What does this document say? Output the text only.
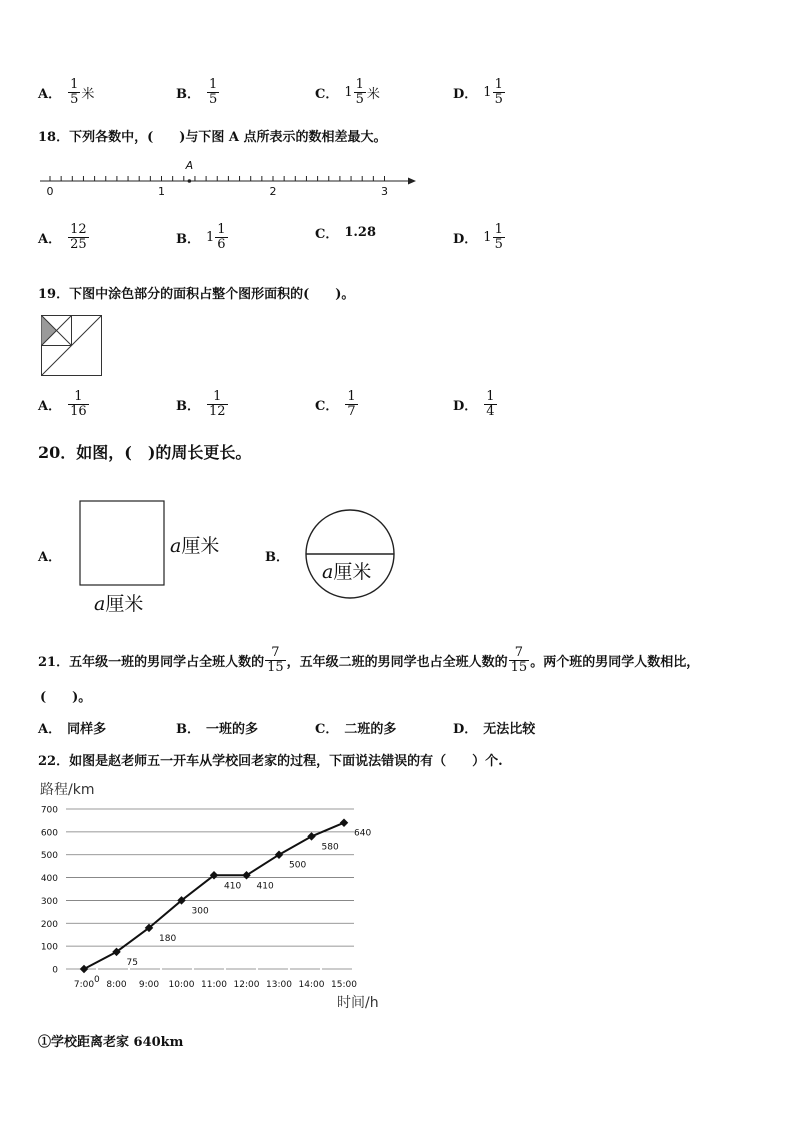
18．下列各数中，(　　)与下图 A 点所表示的数相差最大。
0	1	2	3
A
19．下图中涂色部分的面积占整个图形面积的(　　)。
20．如图，(　)的周长更长。
A．
a厘米
a厘米
B．
a厘米
21．五年级一班的男同学占全班人数的 $\frac{7}{15}$ ，五年级二班的男同学也占全班人数的 $\frac{7}{15}$ 。两个班的男同学人数相比，
(　　)。
22．如图是赵老师五一开车从学校回老家的过程，下面说法错误的有（　　）个.
路程/km
0
100
200
300
400
500
600
700
7:00 8:00 9:00 10:00 11:00 12:00 13:00 14:00 15:00
时间/h
0
75
180
300
410 410
500
580
640
①学校距离老家 640km
A． $\frac{1}{5}$ 米	B． $\frac{1}{5}$	C． $1 \frac{1}{5}$ 米	D． $1 \frac{1}{5}$
A． $\frac{12}{25}$	B． $1 \frac{1}{6}$	C． 1.28	D． $1 \frac{1}{5}$
A． $\frac{1}{16}$	B． $\frac{1}{12}$	C． $\frac{1}{7}$	D． $\frac{1}{4}$
A． 同样多	B． 一班的多	C． 二班的多	D． 无法比较
